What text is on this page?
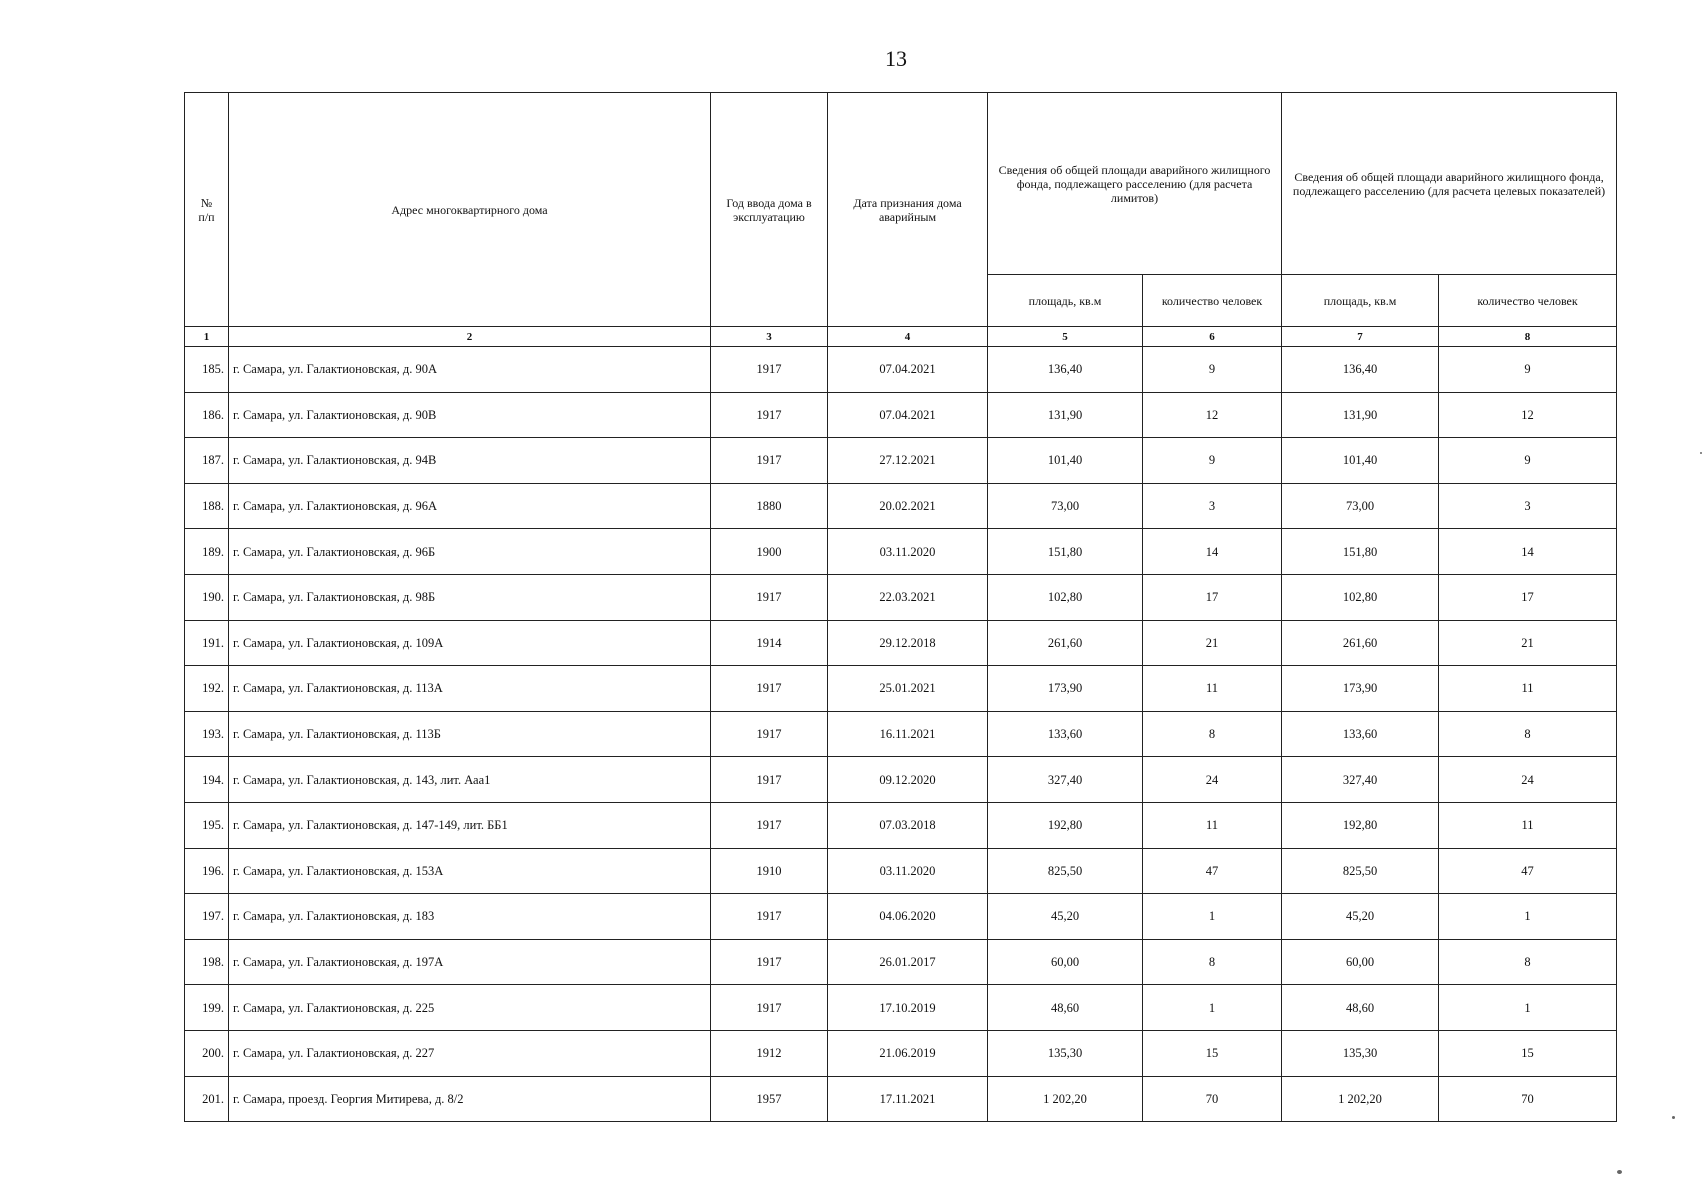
13
№
п/п	Адрес многоквартирного дома	Год ввода дома в эксплуатацию	Дата признания дома аварийным	Сведения об общей площади аварийного жилищного фонда, подлежащего расселению (для расчета лимитов)		Сведения об общей площади аварийного жилищного фонда, подлежащего расселению (для расчета целевых показателей)	
				площадь, кв.м	количество человек	площадь, кв.м	количество человек
1	2	3	4	5	6	7	8
185.	г. Самара, ул. Галактионовская, д. 90А	1917	07.04.2021	136,40	9	136,40	9
186.	г. Самара, ул. Галактионовская, д. 90В	1917	07.04.2021	131,90	12	131,90	12
187.	г. Самара, ул. Галактионовская, д. 94В	1917	27.12.2021	101,40	9	101,40	9
188.	г. Самара, ул. Галактионовская, д. 96А	1880	20.02.2021	73,00	3	73,00	3
189.	г. Самара, ул. Галактионовская, д. 96Б	1900	03.11.2020	151,80	14	151,80	14
190.	г. Самара, ул. Галактионовская, д. 98Б	1917	22.03.2021	102,80	17	102,80	17
191.	г. Самара, ул. Галактионовская, д. 109А	1914	29.12.2018	261,60	21	261,60	21
192.	г. Самара, ул. Галактионовская, д. 113А	1917	25.01.2021	173,90	11	173,90	11
193.	г. Самара, ул. Галактионовская, д. 113Б	1917	16.11.2021	133,60	8	133,60	8
194.	г. Самара, ул. Галактионовская, д. 143, лит. Ааа1	1917	09.12.2020	327,40	24	327,40	24
195.	г. Самара, ул. Галактионовская, д. 147-149, лит. ББ1	1917	07.03.2018	192,80	11	192,80	11
196.	г. Самара, ул. Галактионовская, д. 153А	1910	03.11.2020	825,50	47	825,50	47
197.	г. Самара, ул. Галактионовская, д. 183	1917	04.06.2020	45,20	1	45,20	1
198.	г. Самара, ул. Галактионовская, д. 197А	1917	26.01.2017	60,00	8	60,00	8
199.	г. Самара, ул. Галактионовская, д. 225	1917	17.10.2019	48,60	1	48,60	1
200.	г. Самара, ул. Галактионовская, д. 227	1912	21.06.2019	135,30	15	135,30	15
201.	г. Самара, проезд. Георгия Митирева, д. 8/2	1957	17.11.2021	1 202,20	70	1 202,20	70
